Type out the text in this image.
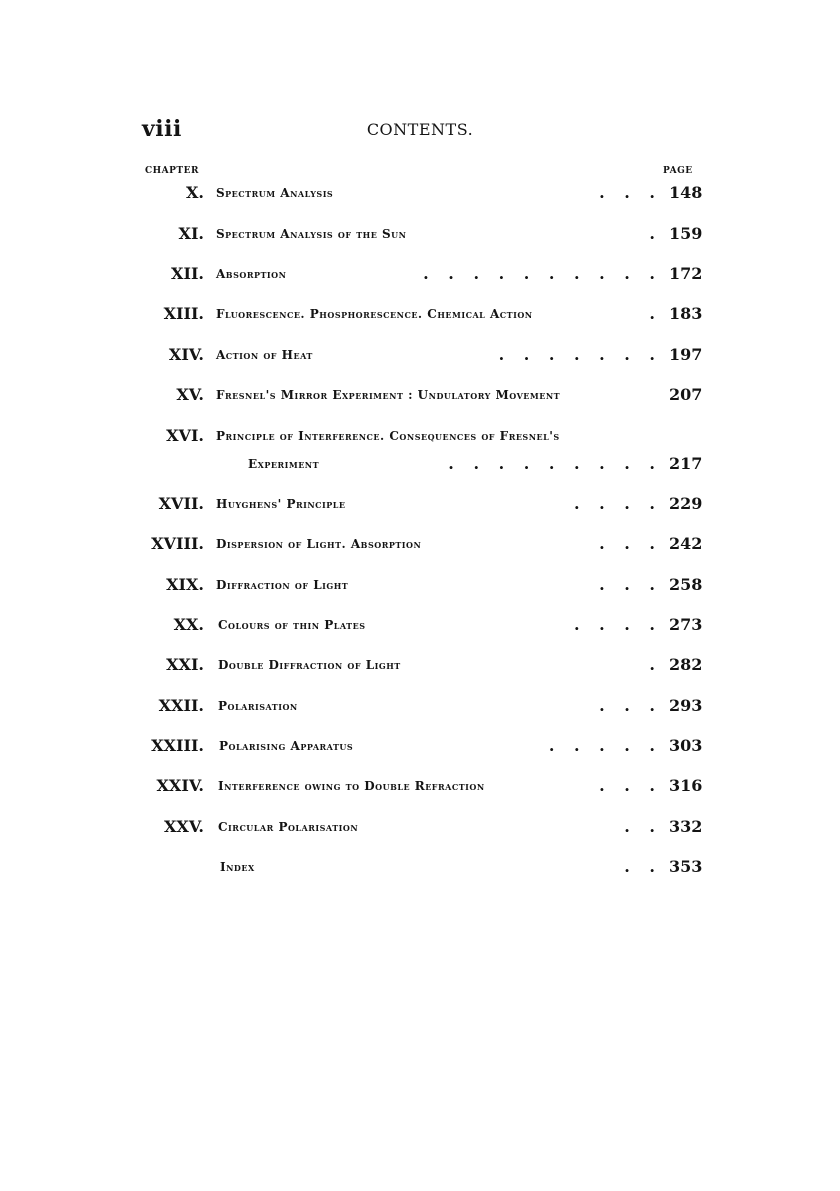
viii	CONTENTS.
CHAPTER	PAGE
X. Spectrum Analysis	. . . 148
XI. Spectrum Analysis of the Sun	. 159
XII. Absorption	. . . . . . . . . . 172
XIII. Fluorescence. Phosphorescence. Chemical Action	. 183
XIV. Action of Heat	. . . . . . . 197
XV. Fresnel's Mirror Experiment : Undulatory Movement	207
XVI. Principle of Interference. Consequences of Fresnel's
Experiment	. . . . . . . . . 217
XVII. Huyghens' Principle	. . . . 229
XVIII. Dispersion of Light. Absorption	. . . 242
XIX. Diffraction of Light	. . . 258
XX. Colours of thin Plates	. . . . 273
XXI. Double Diffraction of Light	. 282
XXII. Polarisation	. . . 293
XXIII. Polarising Apparatus	. . . . . 303
XXIV. Interference owing to Double Refraction	. . . 316
XXV. Circular Polarisation	. . 332
Index	. . 353
